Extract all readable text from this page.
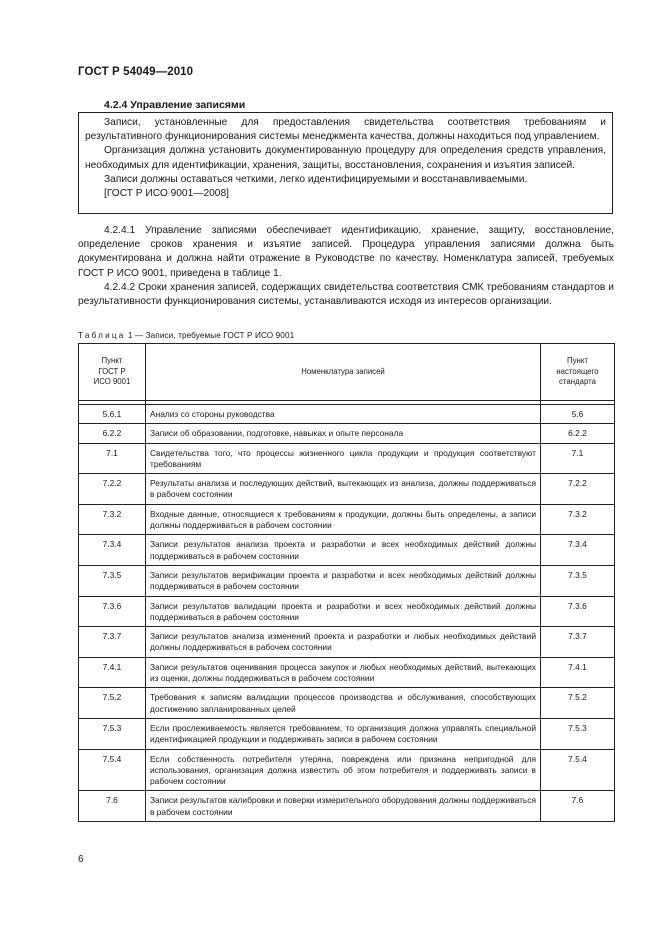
ГОСТ Р 54049—2010
4.2.4 Управление записями

Записи, установленные для предоставления свидетельства соответствия требованиям и результативного функционирования системы менеджмента качества, должны находиться под управлением.

Организация должна установить документированную процедуру для определения средств управления, необходимых для идентификации, хранения, защиты, восстановления, сохранения и изъятия записей.

Записи должны оставаться четкими, легко идентифицируемыми и восстанавливаемыми.

[ГОСТ Р ИСО 9001—2008]

4.2.4.1 Управление записями обеспечивает идентификацию, хранение, защиту, восстановление, определение сроков хранения и изъятие записей. Процедура управления записями должна быть документирована и должна найти отражение в Руководстве по качеству. Номенклатура записей, требуемых ГОСТ Р ИСО 9001, приведена в таблице 1.

4.2.4.2 Сроки хранения записей, содержащих свидетельства соответствия СМК требованиям стандартов и результативности функционирования системы, устанавливаются исходя из интересов организации.

Таблица 1 — Записи, требуемые ГОСТ Р ИСО 9001
Пункт
ГОСТ Р
ИСО 9001	Номенклатура записей	Пункт
настоящего
стандарта

5.6.1	Анализ со стороны руководства	5.6
6.2.2	Записи об образовании, подготовке, навыках и опыте персонала	6.2.2
7.1	Свидетельства того, что процессы жизненного цикла продукции и продукция соответствуют требованиям	7.1
7.2.2	Результаты анализа и последующих действий, вытекающих из анализа, должны поддерживаться в рабочем состоянии	7.2.2
7.3.2	Входные данные, относящиеся к требованиям к продукции, должны быть определены, а записи должны поддерживаться в рабочем состоянии	7.3.2
7.3.4	Записи результатов анализа проекта и разработки и всех необходимых действий должны поддерживаться в рабочем состоянии	7.3.4
7.3.5	Записи результатов верификации проекта и разработки и всех необходимых действий должны поддерживаться в рабочем состоянии	7.3.5
7.3.6	Записи результатов валидации проекта и разработки и всех необходимых действий должны поддерживаться в рабочем состоянии	7.3.6
7.3.7	Записи результатов анализа изменений проекта и разработки и любых необходимых действий должны поддерживаться в рабочем состоянии	7.3.7
7.4.1	Записи результатов оценивания процесса закупок и любых необходимых действий, вытекающих из оценки, должны поддерживаться в рабочем состоянии	7.4.1
7.5.2	Требования к записям валидации процессов производства и обслуживания, способствующих достижению запланированных целей	7.5.2
7.5.3	Если прослеживаемость является требованием, то организация должна управлять специальной идентификацией продукции и поддерживать записи в рабочем состоянии	7.5.3
7.5.4	Если собственность потребителя утеряна, повреждена или признана непригодной для использования, организация должна известить об этом потребителя и поддерживать записи в рабочем состоянии	7.5.4
7.6	Записи результатов калибровки и поверки измерительного оборудования должны поддерживаться в рабочем состоянии	7.6
6
